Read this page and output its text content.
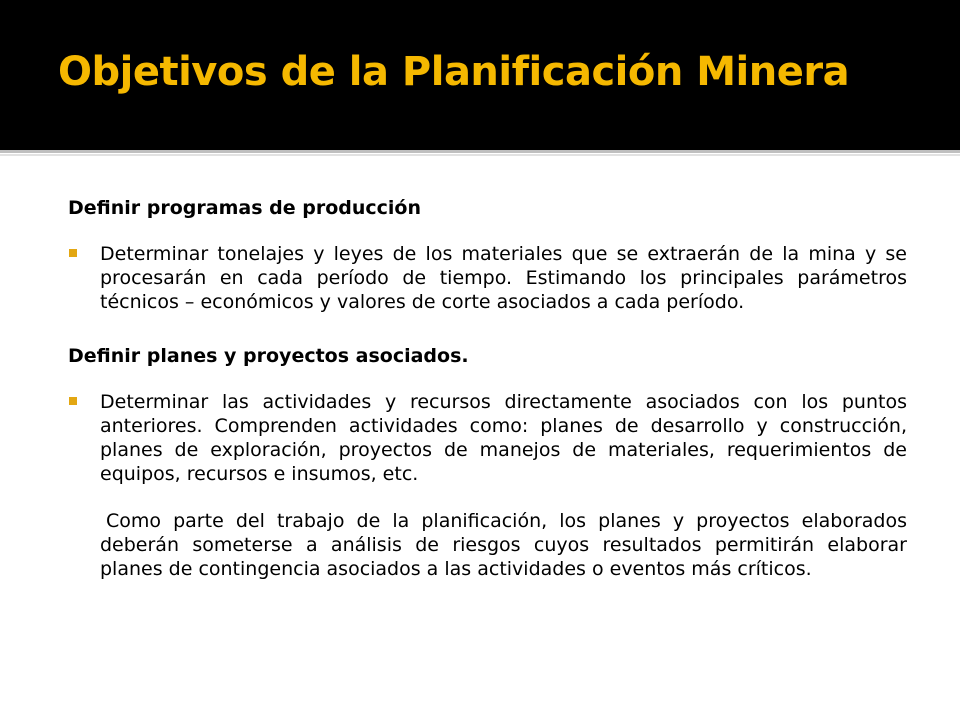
Objetivos de la Planificación Minera

Definir programas de producción

Determinar tonelajes y leyes de los materiales que se extraerán de la mina y se procesarán en cada período de tiempo. Estimando los principales parámetros técnicos – económicos y valores de corte asociados a cada período.

Definir planes y proyectos asociados.

Determinar las actividades y recursos directamente asociados con los puntos anteriores. Comprenden actividades como: planes de desarrollo y construcción, planes de exploración, proyectos de manejos de materiales, requerimientos de equipos, recursos e insumos, etc.

Como parte del trabajo de la planificación, los planes y proyectos elaborados deberán someterse a análisis de riesgos cuyos resultados permitirán elaborar planes de contingencia asociados a las actividades o eventos más críticos.
